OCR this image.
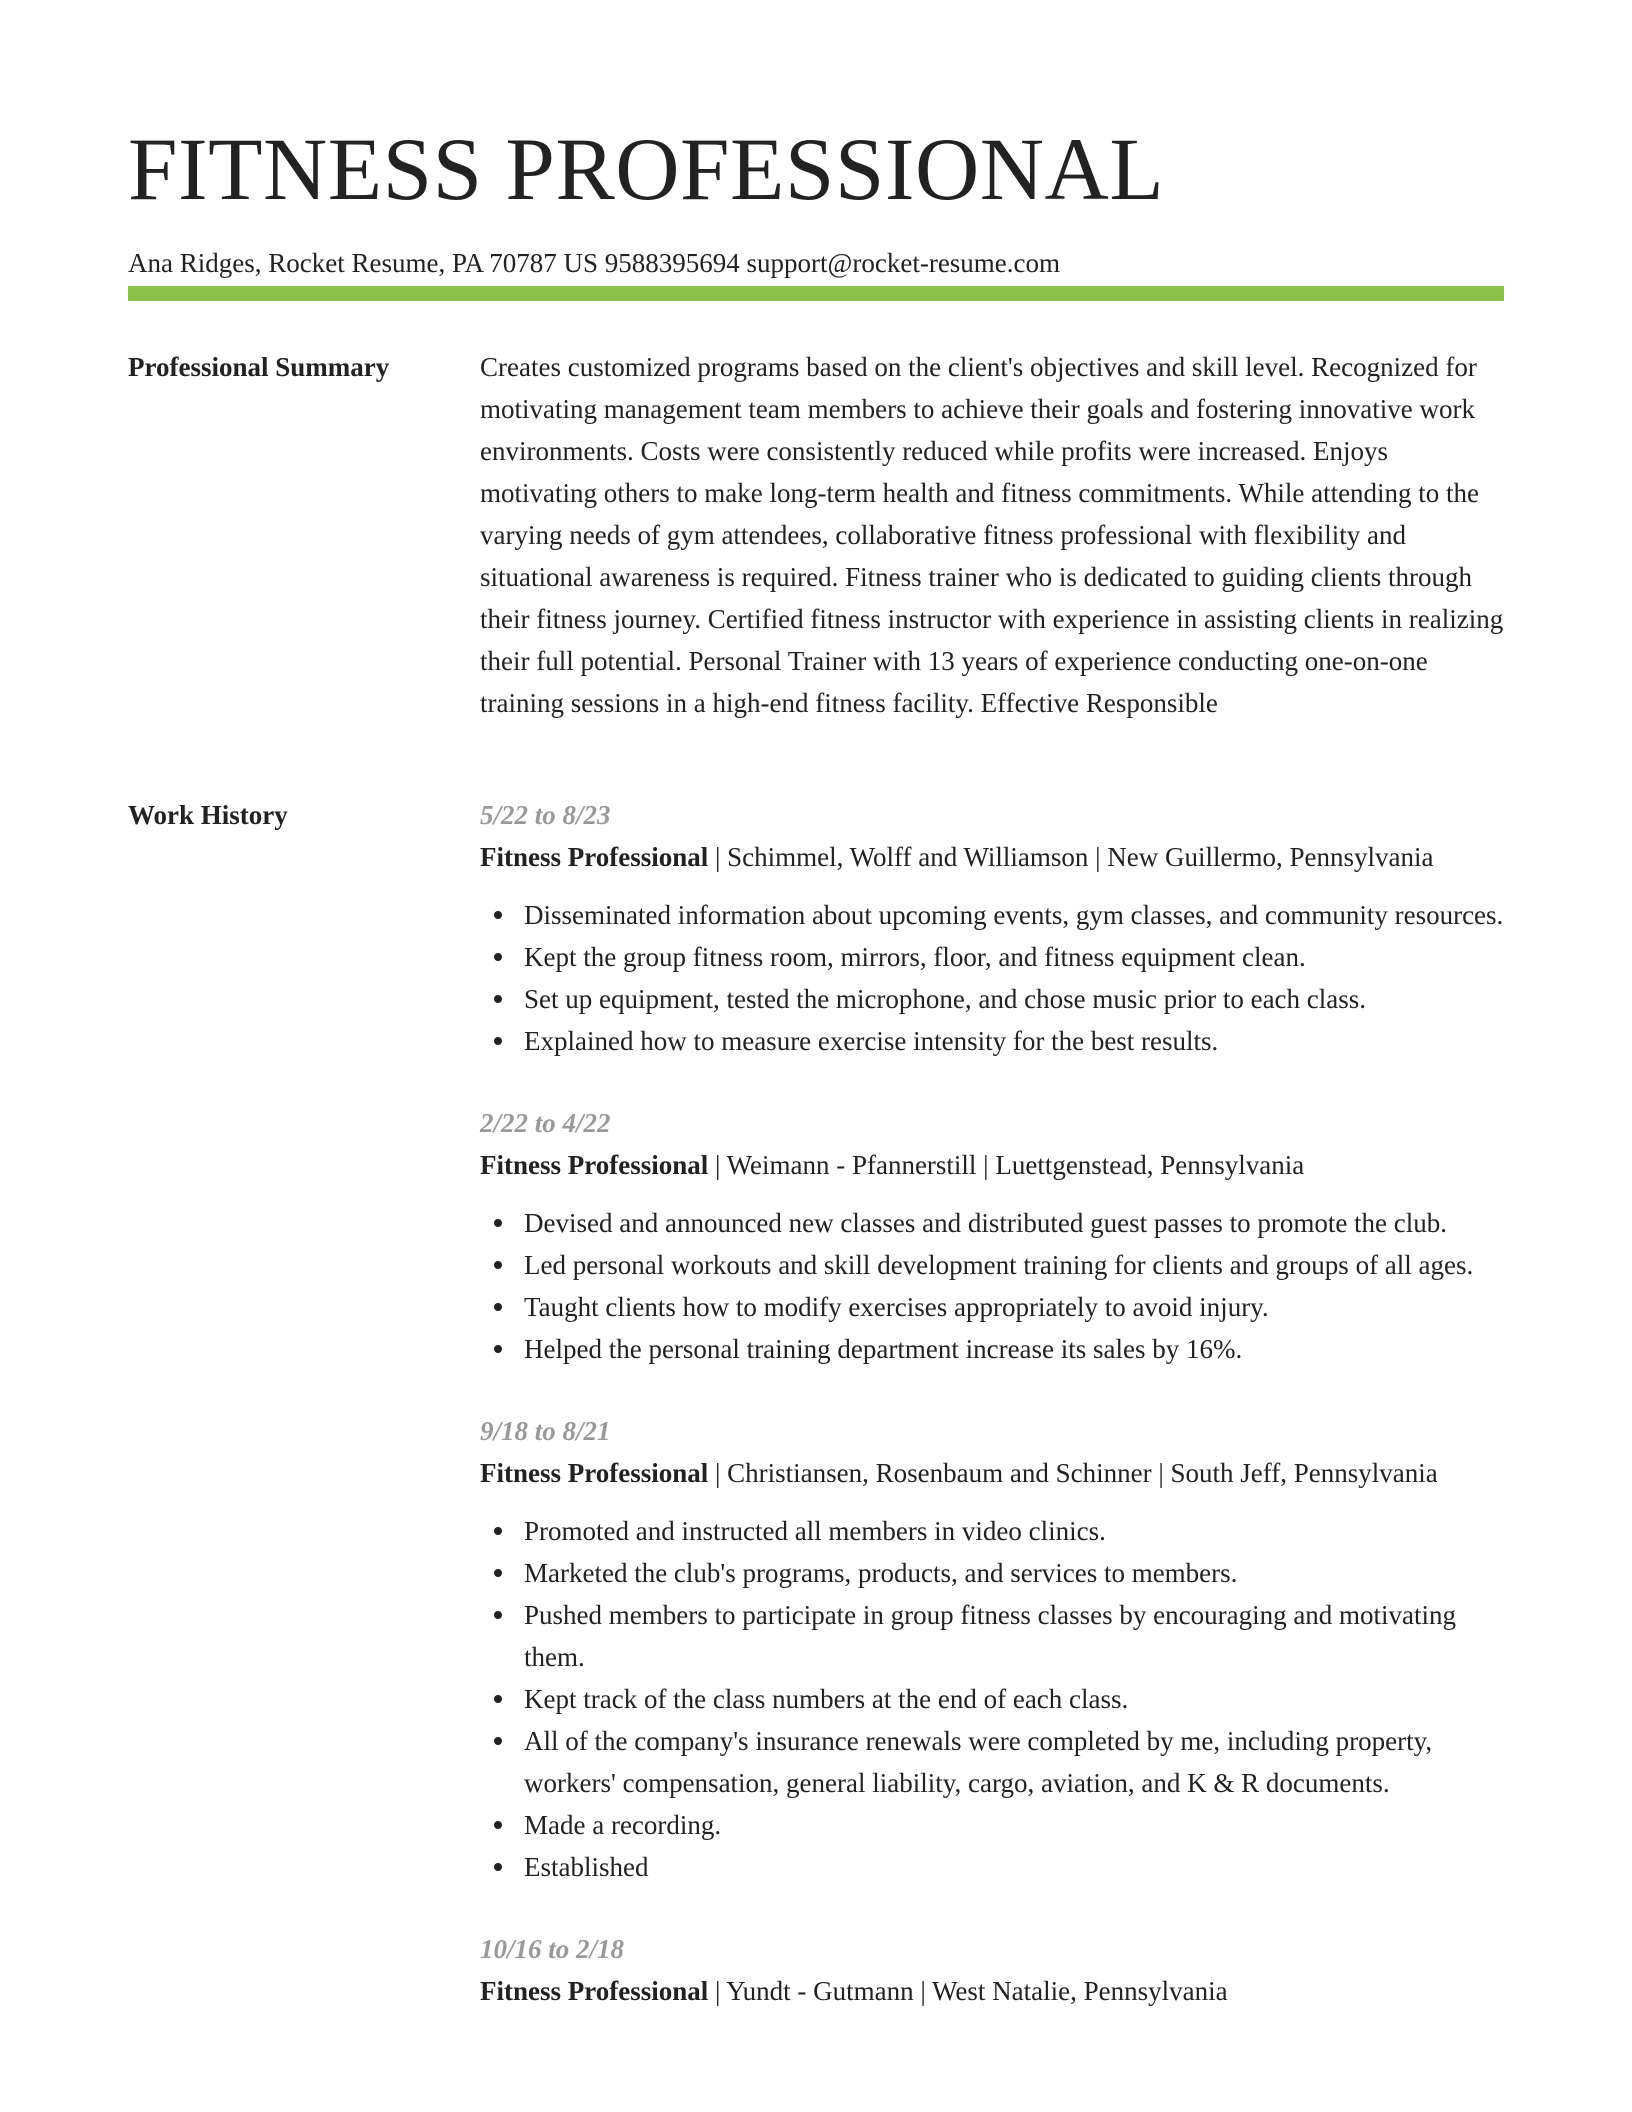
FITNESS PROFESSIONAL
Ana Ridges, Rocket Resume, PA 70787 US 9588395694 support@rocket-resume.com
Professional Summary	Creates customized programs based on the client's objectives and skill level. Recognized for motivating management team members to achieve their goals and fostering innovative work environments. Costs were consistently reduced while profits were increased. Enjoys motivating others to make long-term health and fitness commitments. While attending to the varying needs of gym attendees, collaborative fitness professional with flexibility and situational awareness is required. Fitness trainer who is dedicated to guiding clients through their fitness journey. Certified fitness instructor with experience in assisting clients in realizing their full potential. Personal Trainer with 13 years of experience conducting one-on-one training sessions in a high-end fitness facility. Effective Responsible

Work History	5/22 to 8/23
Fitness Professional | Schimmel, Wolff and Williamson | New Guillermo, Pennsylvania
Disseminated information about upcoming events, gym classes, and community resources.
Kept the group fitness room, mirrors, floor, and fitness equipment clean.
Set up equipment, tested the microphone, and chose music prior to each class.
Explained how to measure exercise intensity for the best results.
2/22 to 4/22
Fitness Professional | Weimann - Pfannerstill | Luettgenstead, Pennsylvania
Devised and announced new classes and distributed guest passes to promote the club.
Led personal workouts and skill development training for clients and groups of all ages.
Taught clients how to modify exercises appropriately to avoid injury.
Helped the personal training department increase its sales by 16%.
9/18 to 8/21
Fitness Professional | Christiansen, Rosenbaum and Schinner | South Jeff, Pennsylvania
Promoted and instructed all members in video clinics.
Marketed the club's programs, products, and services to members.
Pushed members to participate in group fitness classes by encouraging and motivating them.
Kept track of the class numbers at the end of each class.
All of the company's insurance renewals were completed by me, including property, workers' compensation, general liability, cargo, aviation, and K & R documents.
Made a recording.
Established
10/16 to 2/18
Fitness Professional | Yundt - Gutmann | West Natalie, Pennsylvania
